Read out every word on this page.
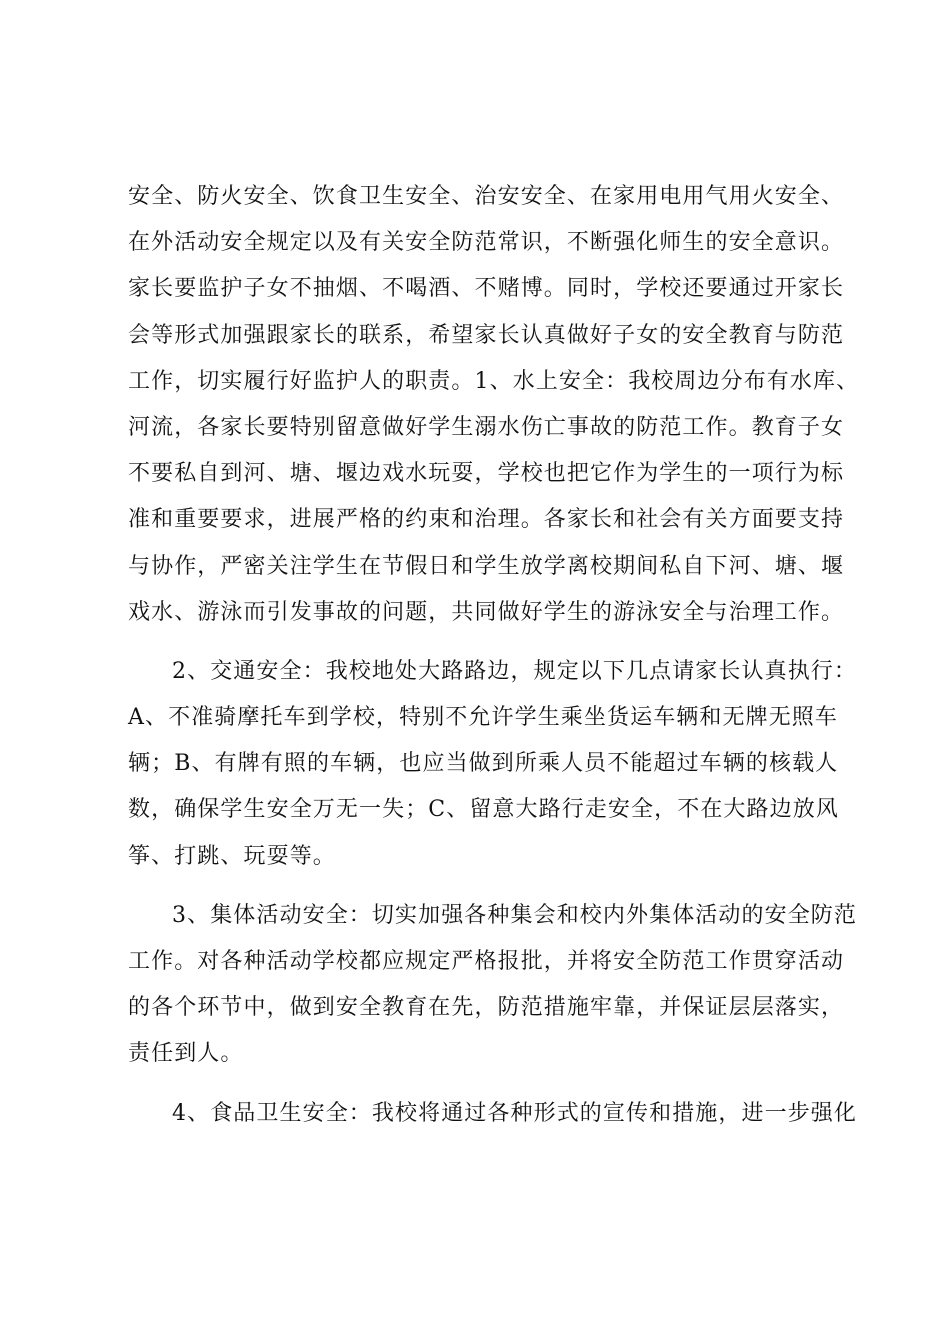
安全、防火安全、饮食卫生安全、治安安全、在家用电用气用火安全、
在外活动安全规定以及有关安全防范常识，不断强化师生的安全意识。
家长要监护子女不抽烟、不喝酒、不赌博。同时，学校还要通过开家长
会等形式加强跟家长的联系，希望家长认真做好子女的安全教育与防范
工作，切实履行好监护人的职责。1、水上安全：我校周边分布有水库、
河流，各家长要特别留意做好学生溺水伤亡事故的防范工作。教育子女
不要私自到河、塘、堰边戏水玩耍，学校也把它作为学生的一项行为标
准和重要要求，进展严格的约束和治理。各家长和社会有关方面要支持
与协作，严密关注学生在节假日和学生放学离校期间私自下河、塘、堰
戏水、游泳而引发事故的问题，共同做好学生的游泳安全与治理工作。
2、交通安全：我校地处大路路边，规定以下几点请家长认真执行：
A、不准骑摩托车到学校，特别不允许学生乘坐货运车辆和无牌无照车
辆；B、有牌有照的车辆，也应当做到所乘人员不能超过车辆的核载人
数，确保学生安全万无一失；C、留意大路行走安全，不在大路边放风
筝、打跳、玩耍等。
3、集体活动安全：切实加强各种集会和校内外集体活动的安全防范
工作。对各种活动学校都应规定严格报批，并将安全防范工作贯穿活动
的各个环节中，做到安全教育在先，防范措施牢靠，并保证层层落实，
责任到人。
4、食品卫生安全：我校将通过各种形式的宣传和措施，进一步强化
